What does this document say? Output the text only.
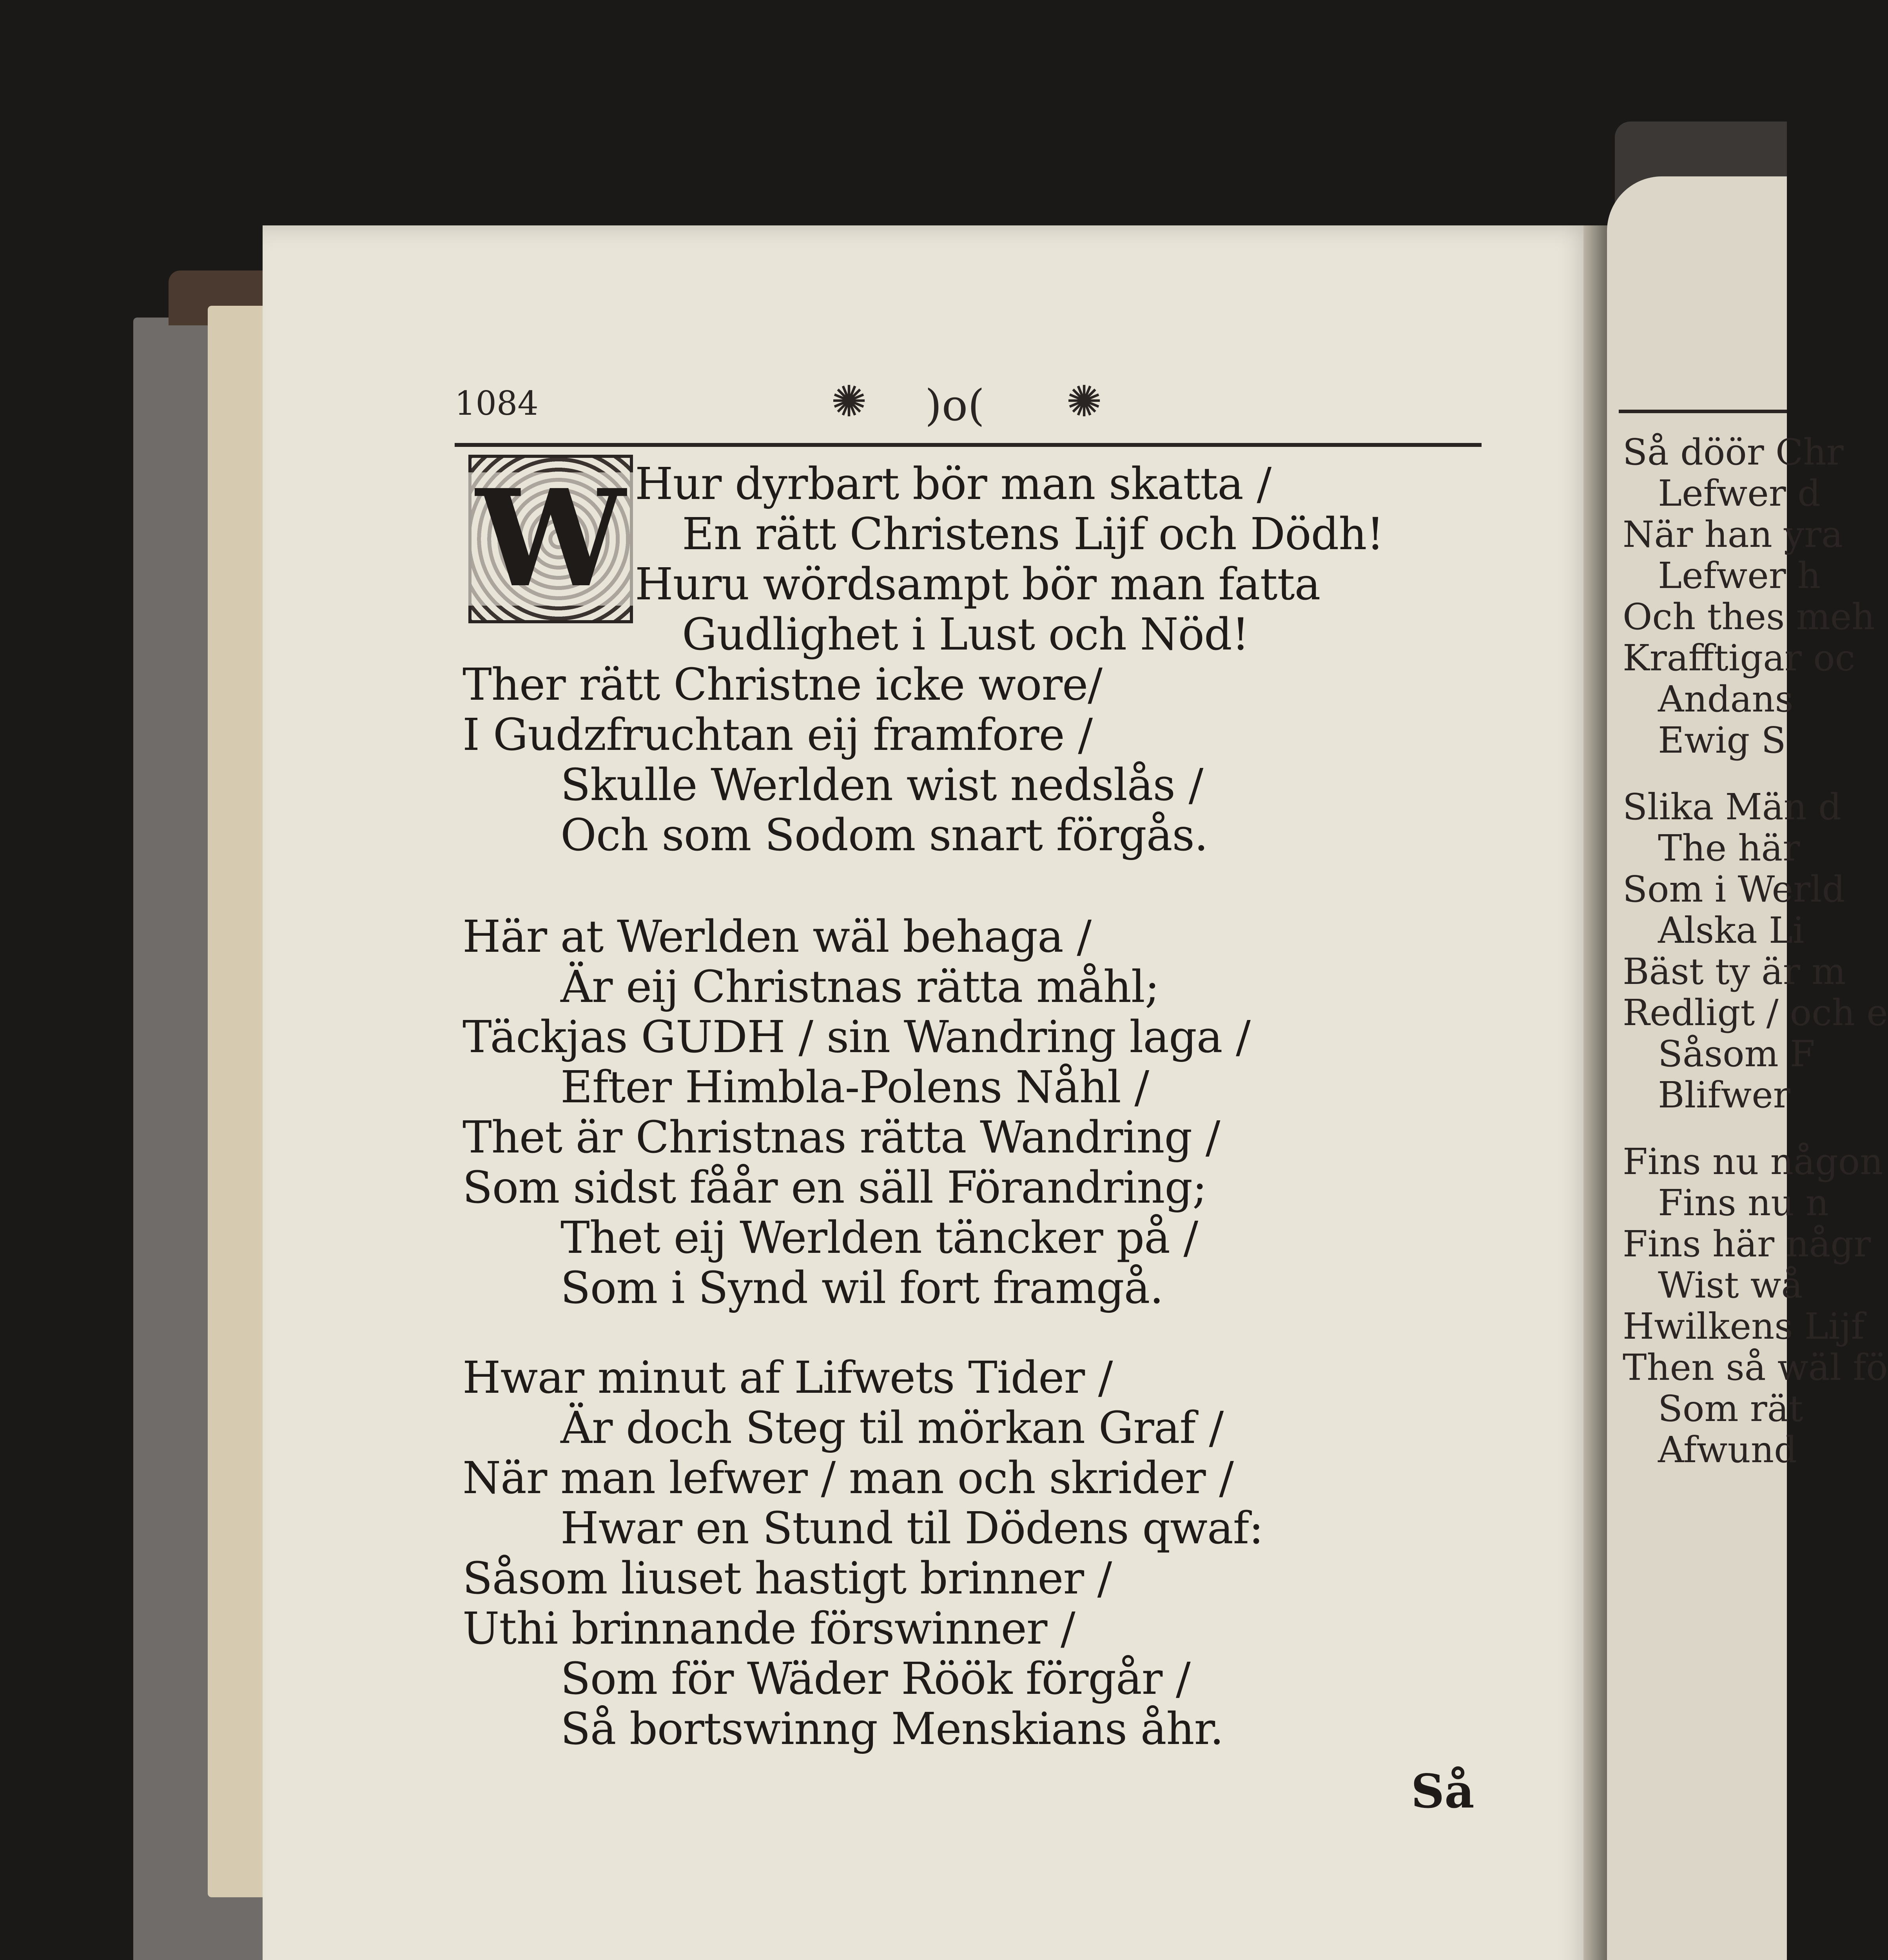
Så döör Chr

Lefwer d

När han yra

Lefwer h

Och thes meh

Krafftigar oc

Andans

Ewig S

Slika Män d

The här

Som i Werld

Alska Li

Bäst ty är m

Redligt / och e

Såsom F

Blifwer

Fins nu någon

Fins nu n

Fins här någr

Wist wå

Hwilkens Lijf

Then så wäl fö

Som rät

Afwund

1084	✺ )o( ✺
W Hur dyrbart bör man skatta /

En rätt Christens Lijf och Dödh!

Huru wördsampt bör man fatta

Gudlighet i Lust och Nöd!

Ther rätt Christne icke wore/

I Gudzfruchtan eij framfore /

Skulle Werlden wist nedslås /

Och som Sodom snart förgås.

Här at Werlden wäl behaga /

Är eij Christnas rätta måhl;

Täckjas GUDH / sin Wandring laga /

Efter Himbla-Polens Nåhl /

Thet är Christnas rätta Wandring /

Som sidst fåår en säll Förandring;

Thet eij Werlden täncker på /

Som i Synd wil fort framgå.

Hwar minut af Lifwets Tider /

Är doch Steg til mörkan Graf /

När man lefwer / man och skrider /

Hwar en Stund til Dödens qwaf:

Såsom liuset hastigt brinner /

Uthi brinnande förswinner /

Som för Wäder Röök förgår /

Så bortswinng Menskians åhr.

Så
